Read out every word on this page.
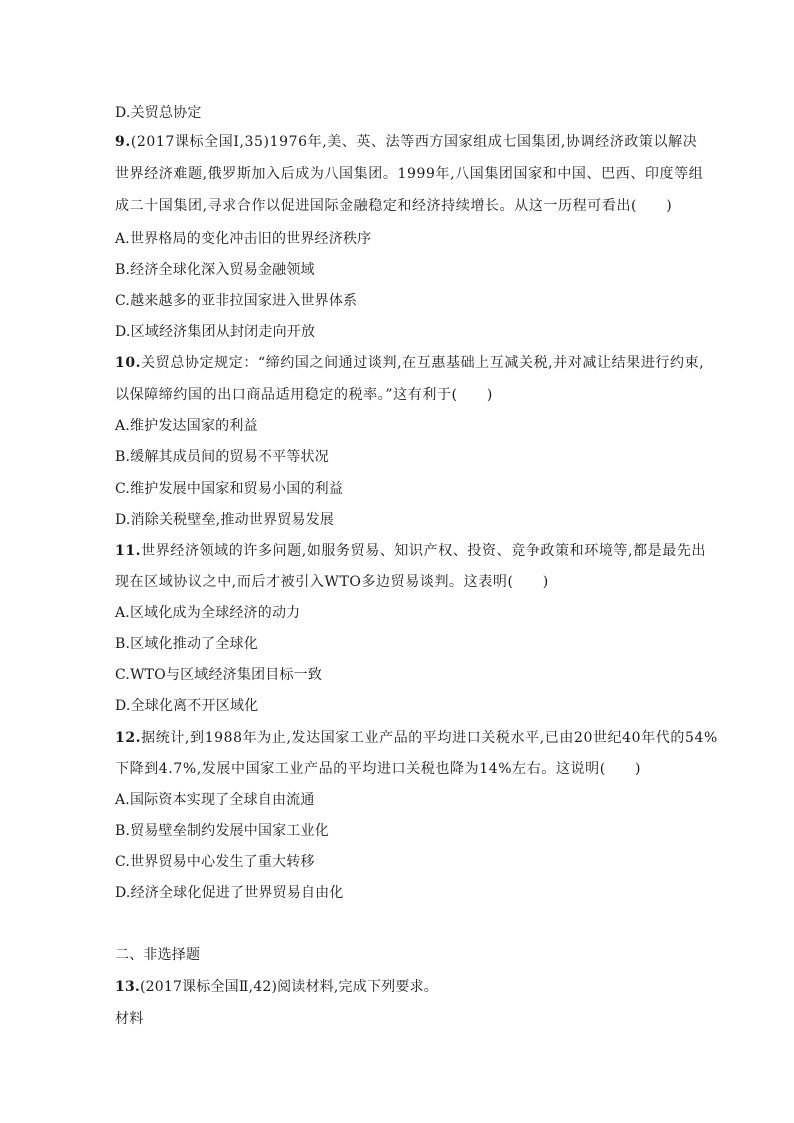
D.关贸总协定
9.(2017课标全国Ⅰ,35)1976年,美、英、法等西方国家组成七国集团,协调经济政策以解决
世界经济难题,俄罗斯加入后成为八国集团。1999年,八国集团国家和中国、巴西、印度等组
成二十国集团,寻求合作以促进国际金融稳定和经济持续增长。从这一历程可看出(　　)
A.世界格局的变化冲击旧的世界经济秩序
B.经济全球化深入贸易金融领域
C.越来越多的亚非拉国家进入世界体系
D.区域经济集团从封闭走向开放
10.关贸总协定规定：“缔约国之间通过谈判,在互惠基础上互减关税,并对减让结果进行约束,
以保障缔约国的出口商品适用稳定的税率。”这有利于(　　)
A.维护发达国家的利益
B.缓解其成员间的贸易不平等状况
C.维护发展中国家和贸易小国的利益
D.消除关税壁垒,推动世界贸易发展
11.世界经济领域的许多问题,如服务贸易、知识产权、投资、竞争政策和环境等,都是最先出
现在区域协议之中,而后才被引入WTO多边贸易谈判。这表明(　　)
A.区域化成为全球经济的动力
B.区域化推动了全球化
C.WTO与区域经济集团目标一致
D.全球化离不开区域化
12.据统计,到1988年为止,发达国家工业产品的平均进口关税水平,已由20世纪40年代的54%
下降到4.7%,发展中国家工业产品的平均进口关税也降为14%左右。这说明(　　)
A.国际资本实现了全球自由流通
B.贸易壁垒制约发展中国家工业化
C.世界贸易中心发生了重大转移
D.经济全球化促进了世界贸易自由化
二、非选择题
13.(2017课标全国Ⅱ,42)阅读材料,完成下列要求。
材料
